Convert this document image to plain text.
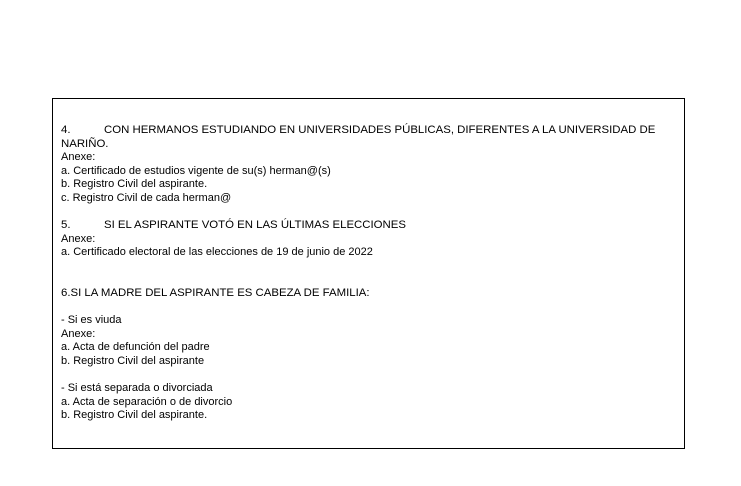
4.	CON HERMANOS ESTUDIANDO EN UNIVERSIDADES PÚBLICAS, DIFERENTES A LA UNIVERSIDAD DE NARIÑO.
Anexe:
a. Certificado de estudios vigente de su(s) herman@(s)
b. Registro Civil del aspirante.
c. Registro Civil de cada herman@
5.	SI EL ASPIRANTE VOTÓ EN LAS ÚLTIMAS ELECCIONES
Anexe:
a. Certificado electoral de las elecciones de 19 de junio de 2022
6.SI LA MADRE DEL ASPIRANTE ES CABEZA DE FAMILIA:
- Si es viuda
Anexe:
a. Acta de defunción del padre
b. Registro Civil del aspirante
- Si está separada o divorciada
a. Acta de separación o de divorcio
b. Registro Civil del aspirante.
